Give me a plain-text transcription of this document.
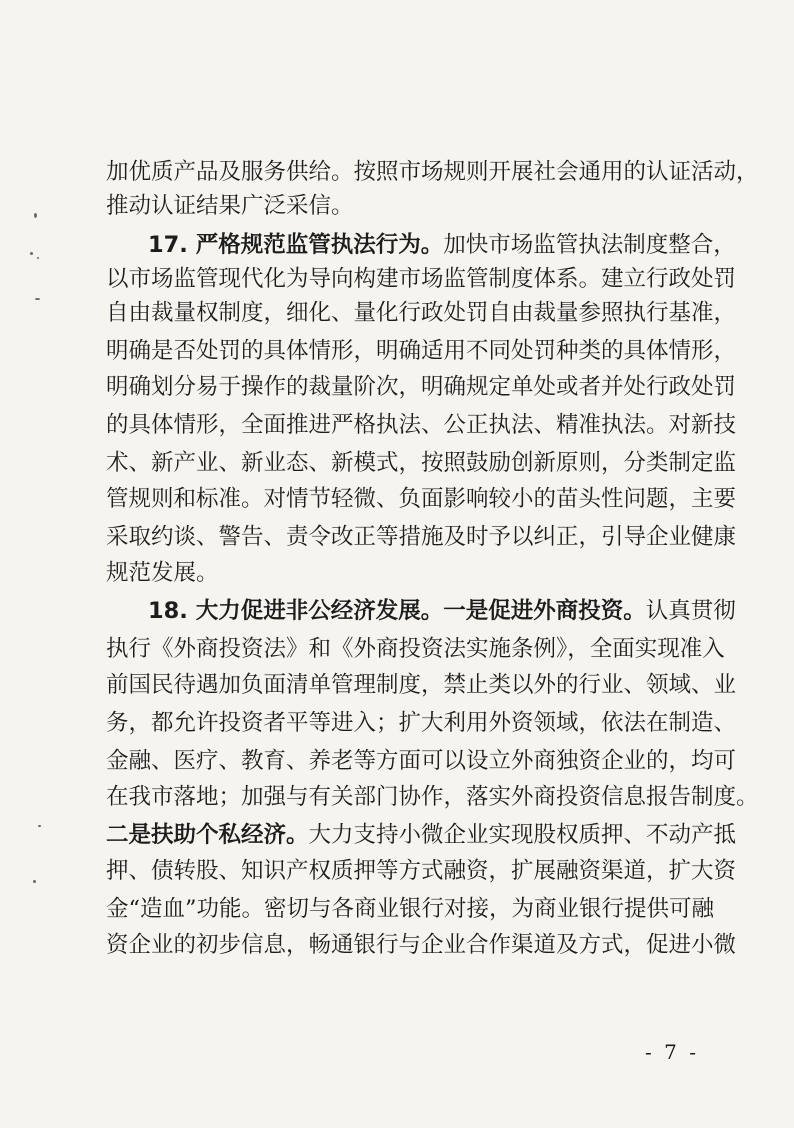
加优质产品及服务供给。按照市场规则开展社会通用的认证活动，
推动认证结果广泛采信。
17. 严格规范监管执法行为。加快市场监管执法制度整合，
以市场监管现代化为导向构建市场监管制度体系。建立行政处罚
自由裁量权制度，细化、量化行政处罚自由裁量参照执行基准，
明确是否处罚的具体情形，明确适用不同处罚种类的具体情形，
明确划分易于操作的裁量阶次，明确规定单处或者并处行政处罚
的具体情形，全面推进严格执法、公正执法、精准执法。对新技
术、新产业、新业态、新模式，按照鼓励创新原则，分类制定监
管规则和标准。对情节轻微、负面影响较小的苗头性问题，主要
采取约谈、警告、责令改正等措施及时予以纠正，引导企业健康
规范发展。
18. 大力促进非公经济发展。一是促进外商投资。认真贯彻
执行《外商投资法》和《外商投资法实施条例》，全面实现准入
前国民待遇加负面清单管理制度，禁止类以外的行业、领域、业
务，都允许投资者平等进入；扩大利用外资领域，依法在制造、
金融、医疗、教育、养老等方面可以设立外商独资企业的，均可
在我市落地；加强与有关部门协作，落实外商投资信息报告制度。
二是扶助个私经济。大力支持小微企业实现股权质押、不动产抵
押、债转股、知识产权质押等方式融资，扩展融资渠道，扩大资
金“造血”功能。密切与各商业银行对接，为商业银行提供可融
资企业的初步信息，畅通银行与企业合作渠道及方式，促进小微
- 7 -
